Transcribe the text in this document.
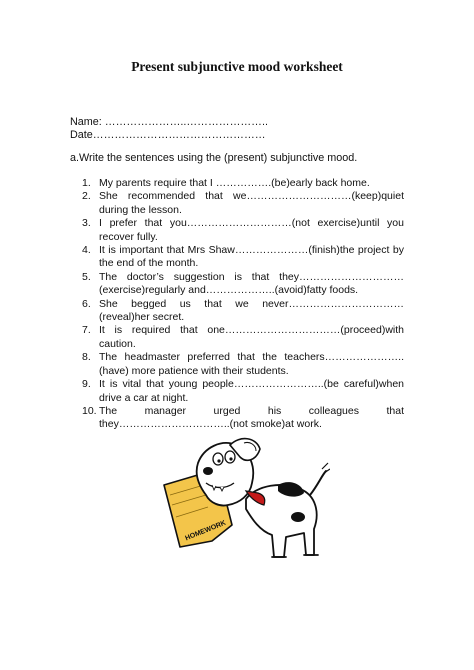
Present subjunctive mood worksheet
Name: …………………..…………………..
Date…………………………………………
a.Write the sentences using the (present) subjunctive mood.
1. My parents require that I …………….(be)early back home.
2. She recommended that we…………………………(keep)quiet during the lesson.
3. I prefer that you…………………………(not exercise)until you recover fully.
4. It is important that Mrs Shaw…………………(finish)the project by the end of the month.
5. The doctor’s suggestion is that they………………………… (exercise)regularly and………………..(avoid)fatty foods.
6. She begged us that we never…………………………… (reveal)her secret.
7. It is required that one……………………………(proceed)with caution.
8. The headmaster preferred that the teachers………………….. (have) more patience with their students.
9. It is vital that young people……………………..(be careful)when drive a car at night.
10. The manager urged his colleagues that they…………………………..(not smoke)at work.
HOMEWORK
